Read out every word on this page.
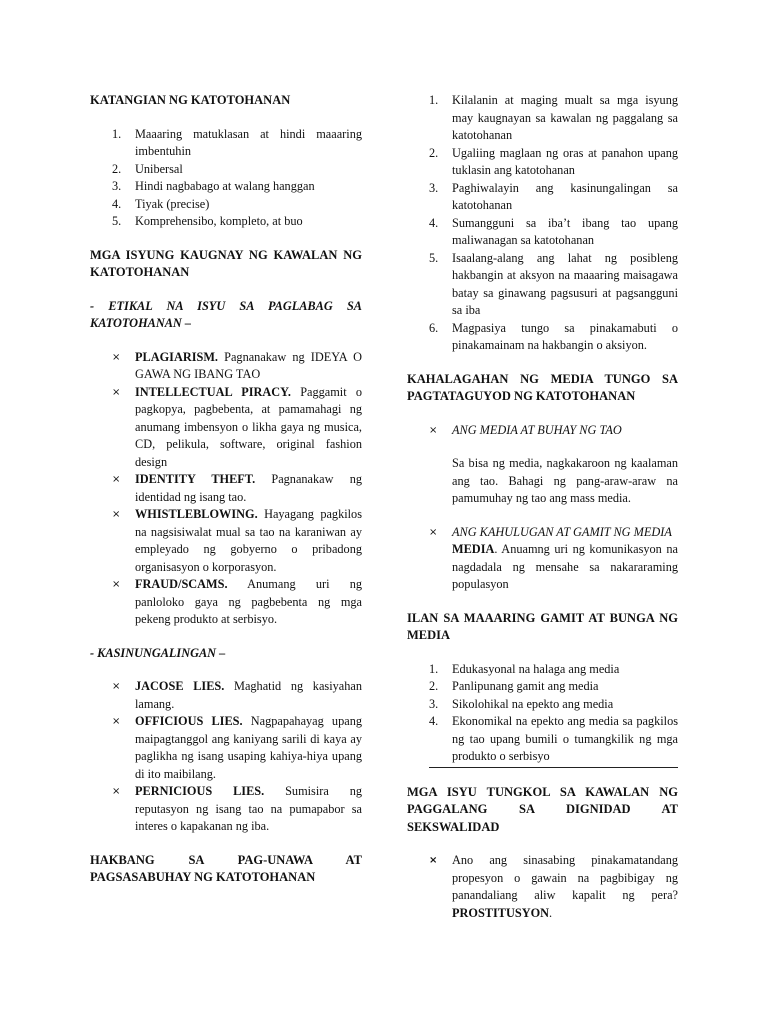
KATANGIAN NG KATOTOHANAN

1. Maaaring matuklasan at hindi maaaring imbentuhin
2. Unibersal
3. Hindi nagbabago at walang hanggan
4. Tiyak (precise)
5. Komprehensibo, kompleto, at buo

MGA ISYUNG KAUGNAY NG KAWALAN NG KATOTOHANAN

- ETIKAL NA ISYU SA PAGLABAG SA KATOTOHANAN –

× PLAGIARISM. Pagnanakaw ng IDEYA O GAWA NG IBANG TAO
× INTELLECTUAL PIRACY. Paggamit o pagkopya, pagbebenta, at pamamahagi ng anumang imbensyon o likha gaya ng musica, CD, pelikula, software, original fashion design
× IDENTITY THEFT. Pagnanakaw ng identidad ng isang tao.
× WHISTLEBLOWING. Hayagang pagkilos na nagsisiwalat mual sa tao na karaniwan ay empleyado ng gobyerno o pribadong organisasyon o korporasyon.
× FRAUD/SCAMS. Anumang uri ng panloloko gaya ng pagbebenta ng mga pekeng produkto at serbisyo.

- KASINUNGALINGAN –

× JACOSE LIES. Maghatid ng kasiyahan lamang.
× OFFICIOUS LIES. Nagpapahayag upang maipagtanggol ang kaniyang sarili di kaya ay paglikha ng isang usaping kahiya-hiya upang di ito maibilang.
× PERNICIOUS LIES. Sumisira ng reputasyon ng isang tao na pumapabor sa interes o kapakanan ng iba.

HAKBANG SA PAG-UNAWA AT PAGSASABUHAY NG KATOTOHANAN

1. Kilalanin at maging mualt sa mga isyung may kaugnayan sa kawalan ng paggalang sa katotohanan
2. Ugaliing maglaan ng oras at panahon upang tuklasin ang katotohanan
3. Paghiwalayin ang kasinungalingan sa katotohanan
4. Sumangguni sa iba’t ibang tao upang maliwanagan sa katotohanan
5. Isaalang-alang ang lahat ng posibleng hakbangin at aksyon na maaaring maisagawa batay sa ginawang pagsusuri at pagsangguni sa iba
6. Magpasiya tungo sa pinakamabuti o pinakamainam na hakbangin o aksiyon.

KAHALAGAHAN NG MEDIA TUNGO SA PAGTATAGUYOD NG KATOTOHANAN

× ANG MEDIA AT BUHAY NG TAO

Sa bisa ng media, nagkakaroon ng kaalaman ang tao. Bahagi ng pang-araw-araw na pamumuhay ng tao ang mass media.

× ANG KAHULUGAN AT GAMIT NG MEDIA
MEDIA. Anuamng uri ng komunikasyon na nagdadala ng mensahe sa nakararaming populasyon

ILAN SA MAAARING GAMIT AT BUNGA NG MEDIA

1. Edukasyonal na halaga ang media
2. Panlipunang gamit ang media
3. Sikolohikal na epekto ang media
4. Ekonomikal na epekto ang media sa pagkilos ng tao upang bumili o tumangkilik ng mga produkto o serbisyo

MGA ISYU TUNGKOL SA KAWALAN NG PAGGALANG SA DIGNIDAD AT SEKSWALIDAD

× Ano ang sinasabing pinakamatandang propesyon o gawain na pagbibigay ng panandaliang aliw kapalit ng pera? PROSTITUSYON.
